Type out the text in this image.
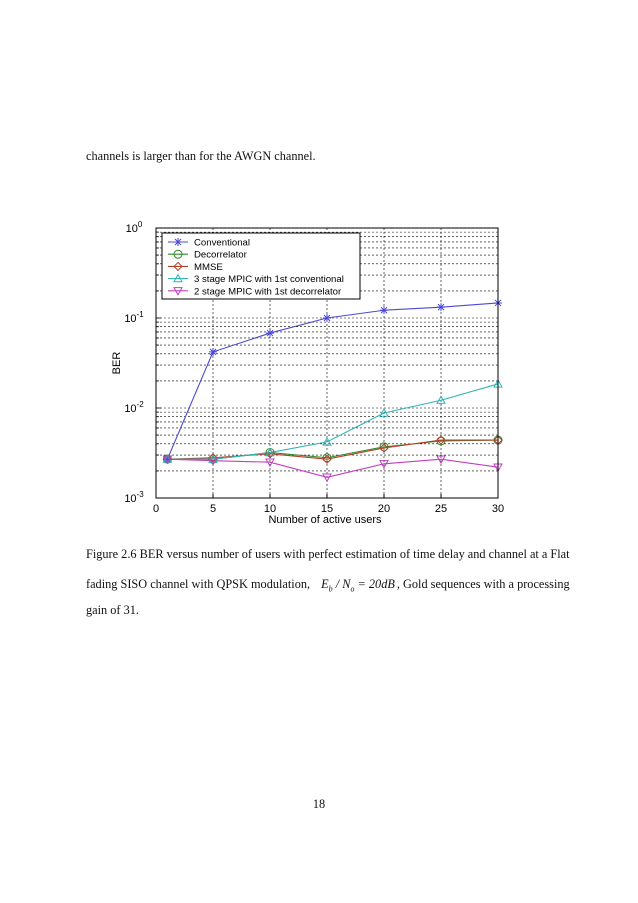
channels is larger than for the AWGN channel.
0	5	10	15	20	25	30
$10^0$
$10^{-1}$
$10^{-2}$
$10^{-3}$
Conventional
Decorrelator
MMSE
3 stage MPIC with 1st conventional
2 stage MPIC with 1st decorrelator
Number of active users
BER
Figure 2.6 BER versus number of users with perfect estimation of time delay and channel at a Flat
fading SISO channel with QPSK modulation, $E_b / N_o = 20dB$ , Gold sequences with a processing
gain of 31.
18
